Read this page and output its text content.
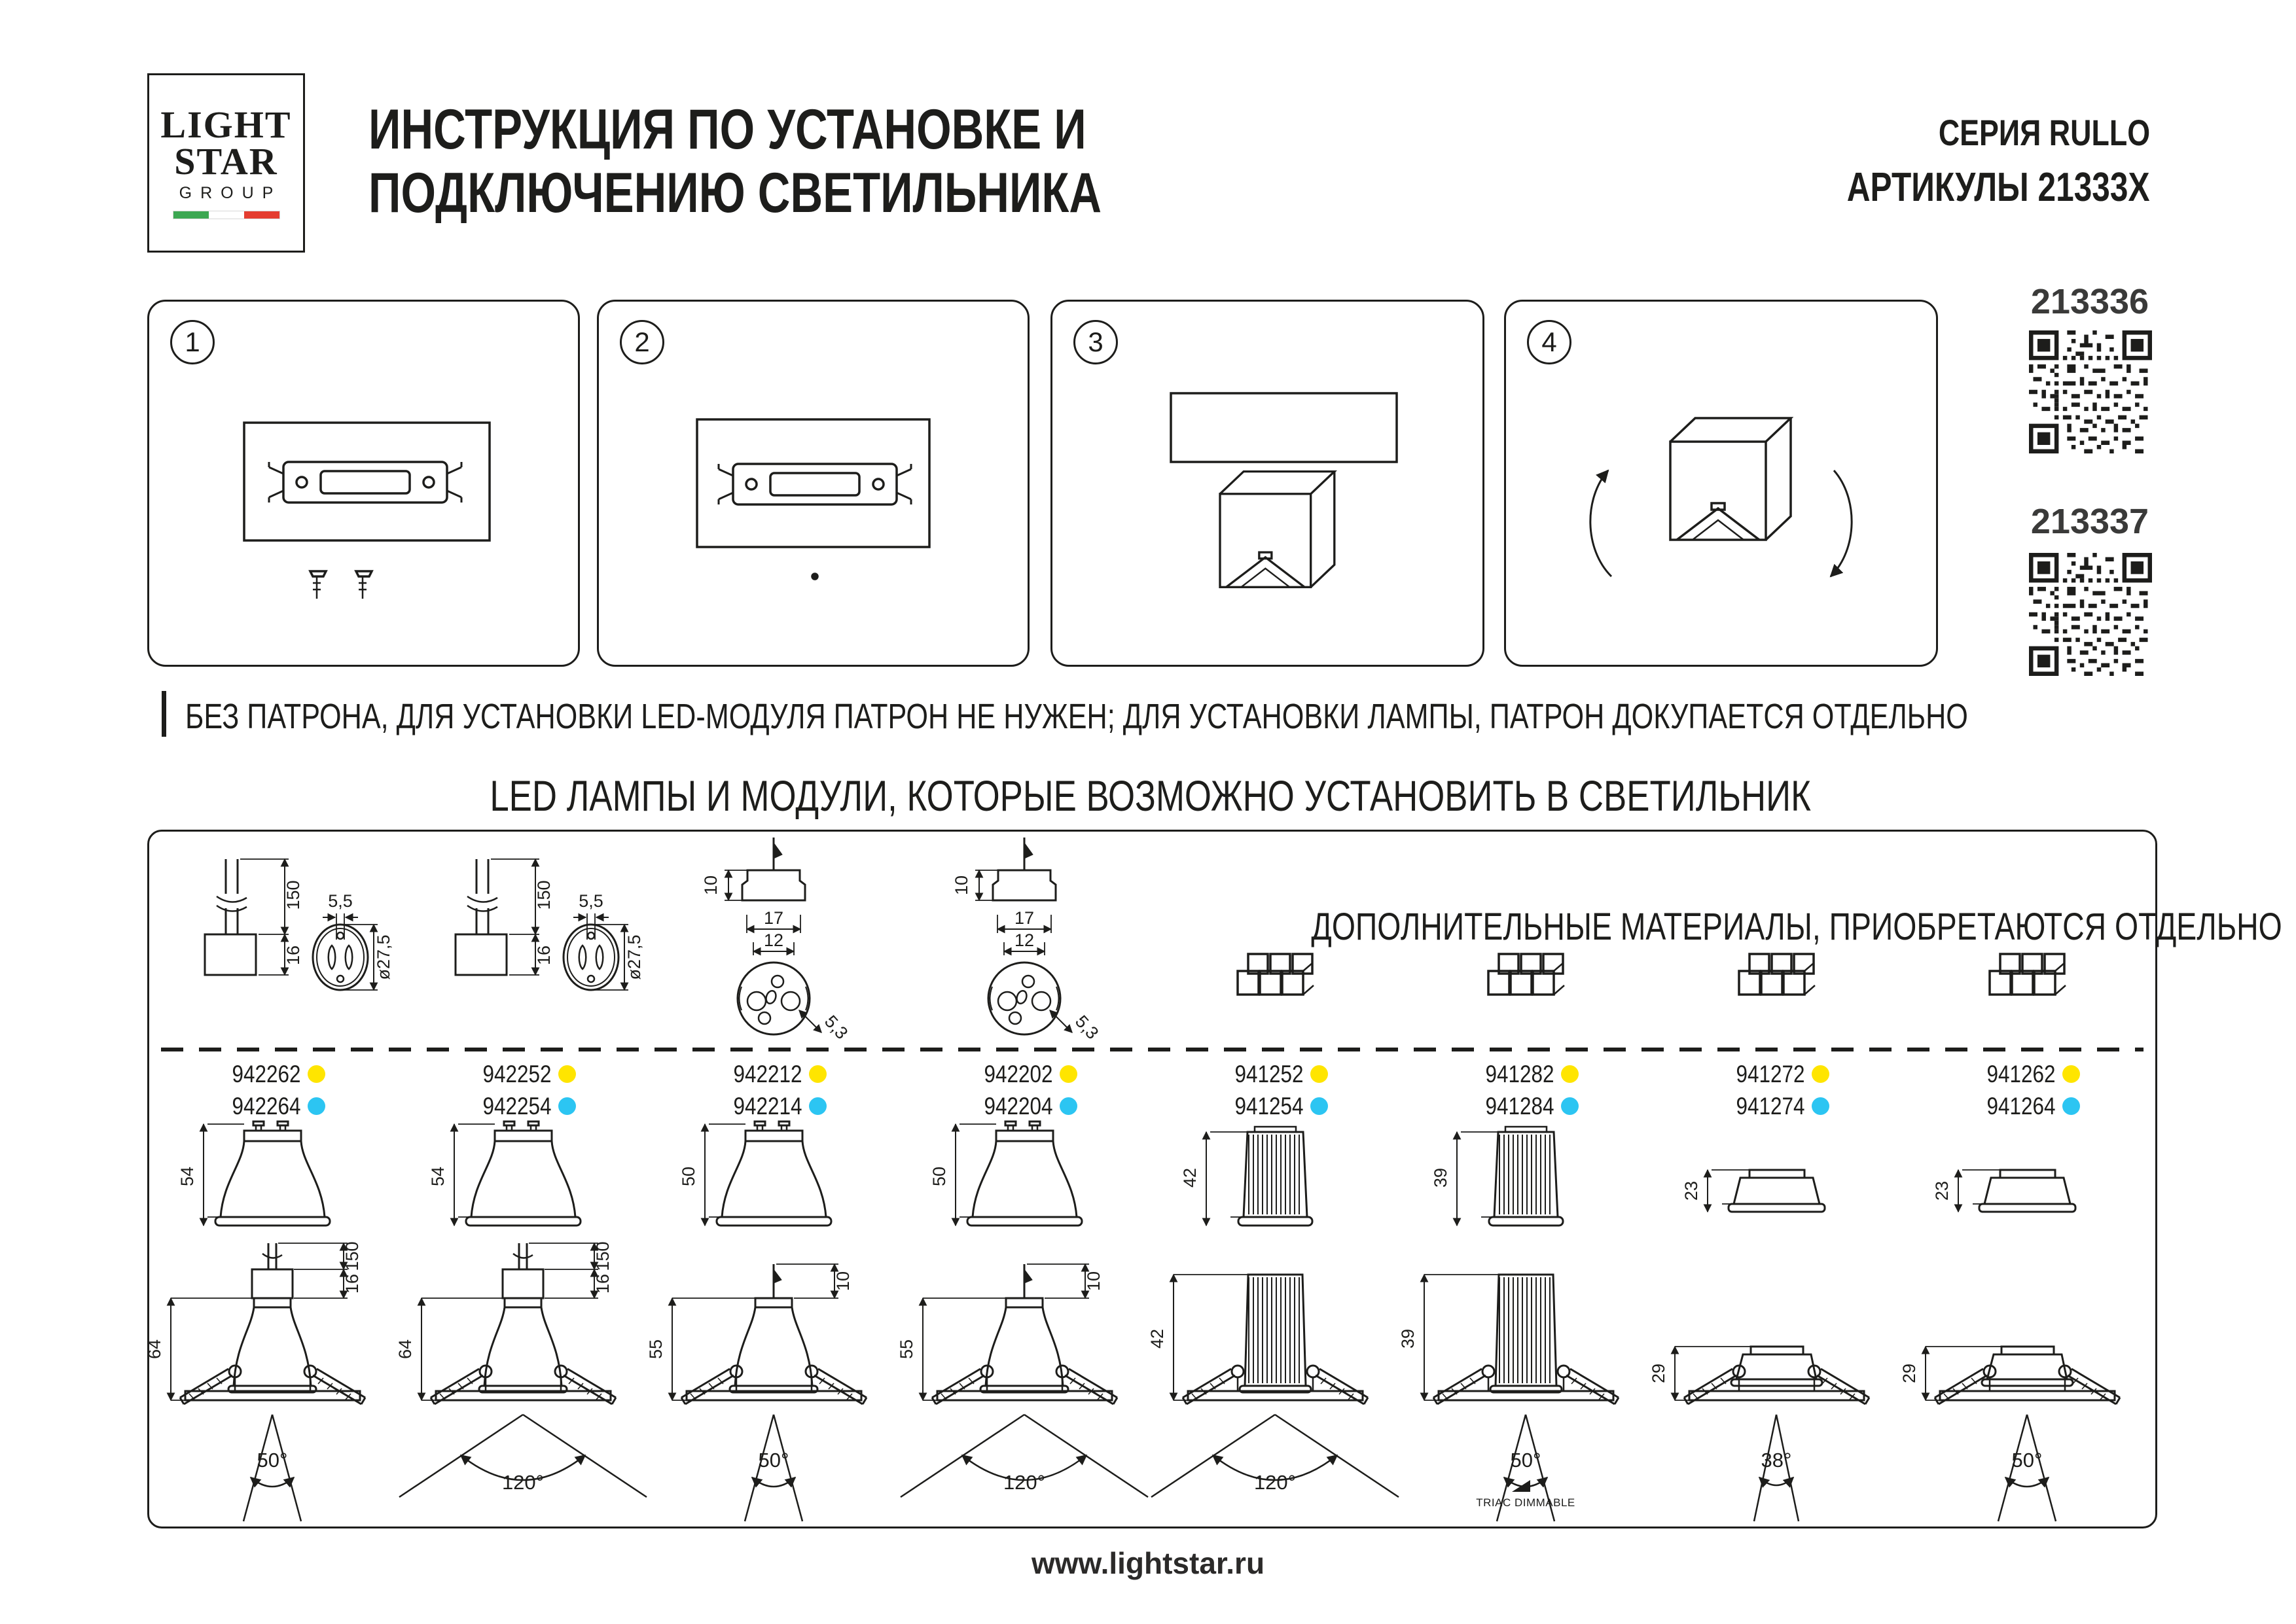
LIGHT
STAR
GROUP
ИНСТРУКЦИЯ ПО УСТАНОВКЕ И
ПОДКЛЮЧЕНИЮ СВЕТИЛЬНИКА
СЕРИЯ RULLO
АРТИКУЛЫ 21333X
1	2	3	4
213336
213337
БЕЗ ПАТРОНА, ДЛЯ УСТАНОВКИ LED-МОДУЛЯ ПАТРОН НЕ НУЖЕН; ДЛЯ УСТАНОВКИ ЛАМПЫ, ПАТРОН ДОКУПАЕТСЯ ОТДЕЛЬНО
LED ЛАМПЫ И МОДУЛИ, КОТОРЫЕ ВОЗМОЖНО УСТАНОВИТЬ В СВЕТИЛЬНИК
ДОПОЛНИТЕЛЬНЫЕ МАТЕРИАЛЫ, ПРИОБРЕТАЮТСЯ ОТДЕЛЬНО
150
16
5,5
ø27,5
942262
942264
54
64
150
16
50°
150
16
5,5
ø27,5
942252
942254
54
64
150
16
120°
10
17
12
5,3
942212
942214
50
55
10
50°
10
17
12
5,3
942202
942204
50
55
10
120°
941252
941254
42
42
120°
941282
941284
39
39
50°
TRIAC DIMMABLE
941272
941274
23
29
38°
941262
941264
23
29
50°
www.lightstar.ru
